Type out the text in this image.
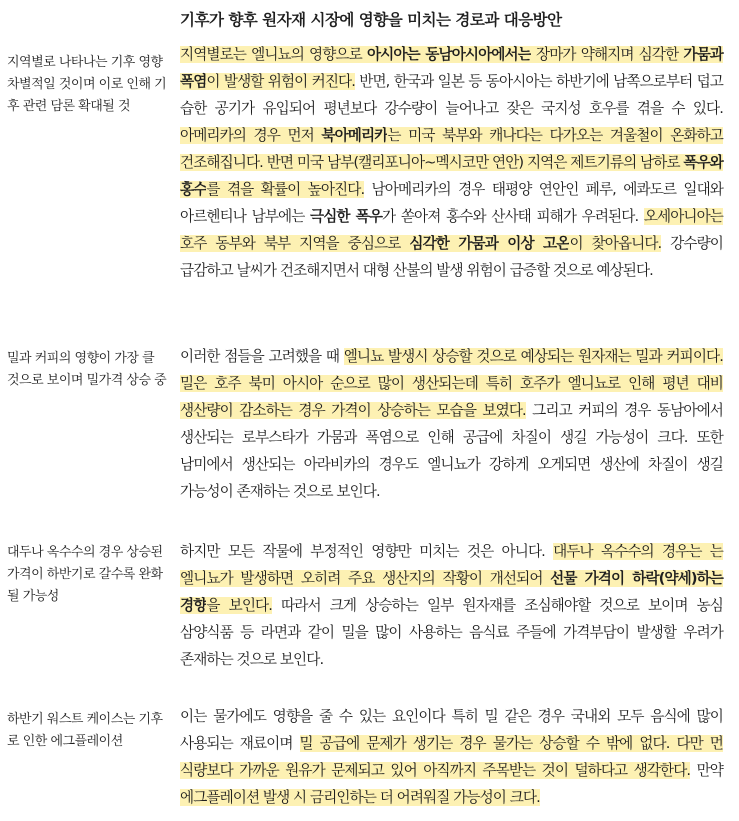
기후가 향후 원자재 시장에 영향을 미치는 경로과 대응방안
지역별로 나타나는 기후 영향 차별적일 것이며 이로 인해 기후 관련 담론 확대될 것
지역별로는 엘니뇨의 영향으로 아시아는 동남아시아에서는 장마가 약해지며 심각한 가뭄과 폭염이 발생할 위험이 커진다. 반면, 한국과 일본 등 동아시아는 하반기에 남쪽으로부터 덥고 습한 공기가 유입되어 평년보다 강수량이 늘어나고 잦은 국지성 호우를 겪을 수 있다. 아메리카의 경우 먼저 북아메리카는 미국 북부와 캐나다는 다가오는 겨울철이 온화하고 건조해집니다. 반면 미국 남부(캘리포니아~멕시코만 연안) 지역은 제트기류의 남하로 폭우와 홍수를 겪을 확률이 높아진다. 남아메리카의 경우 태평양 연안인 페루, 에콰도르 일대와 아르헨티나 남부에는 극심한 폭우가 쏟아져 홍수와 산사태 피해가 우려된다. 오세아니아는 호주 동부와 북부 지역을 중심으로 심각한 가뭄과 이상 고온이 찾아옵니다. 강수량이 급감하고 날씨가 건조해지면서 대형 산불의 발생 위험이 급증할 것으로 예상된다.
밀과 커피의 영향이 가장 클 것으로 보이며 밀가격 상승 중
이러한 점들을 고려했을 때 엘니뇨 발생시 상승할 것으로 예상되는 원자재는 밀과 커피이다. 밀은 호주 북미 아시아 순으로 많이 생산되는데 특히 호주가 엘니뇨로 인해 평년 대비 생산량이 감소하는 경우 가격이 상승하는 모습을 보였다. 그리고 커피의 경우 동남아에서 생산되는 로부스타가 가뭄과 폭염으로 인해 공급에 차질이 생길 가능성이 크다. 또한 남미에서 생산되는 아라비카의 경우도 엘니뇨가 강하게 오게되면 생산에 차질이 생길 가능성이 존재하는 것으로 보인다.
대두나 옥수수의 경우 상승된 가격이 하반기로 갈수록 완화될 가능성
하지만 모든 작물에 부정적인 영향만 미치는 것은 아니다. 대두나 옥수수의 경우는 는 엘니뇨가 발생하면 오히려 주요 생산지의 작황이 개선되어 선물 가격이 하락(약세)하는 경향을 보인다. 따라서 크게 상승하는 일부 원자재를 조심해야할 것으로 보이며 농심 삼양식품 등 라면과 같이 밀을 많이 사용하는 음식료 주들에 가격부담이 발생할 우려가 존재하는 것으로 보인다.
하반기 워스트 케이스는 기후로 인한 에그플레이션
이는 물가에도 영향을 줄 수 있는 요인이다 특히 밀 같은 경우 국내외 모두 음식에 많이 사용되는 재료이며 밀 공급에 문제가 생기는 경우 물가는 상승할 수 밖에 없다. 다만 먼 식량보다 가까운 원유가 문제되고 있어 아직까지 주목받는 것이 덜하다고 생각한다. 만약 에그플레이션 발생 시 금리인하는 더 어려워질 가능성이 크다.
